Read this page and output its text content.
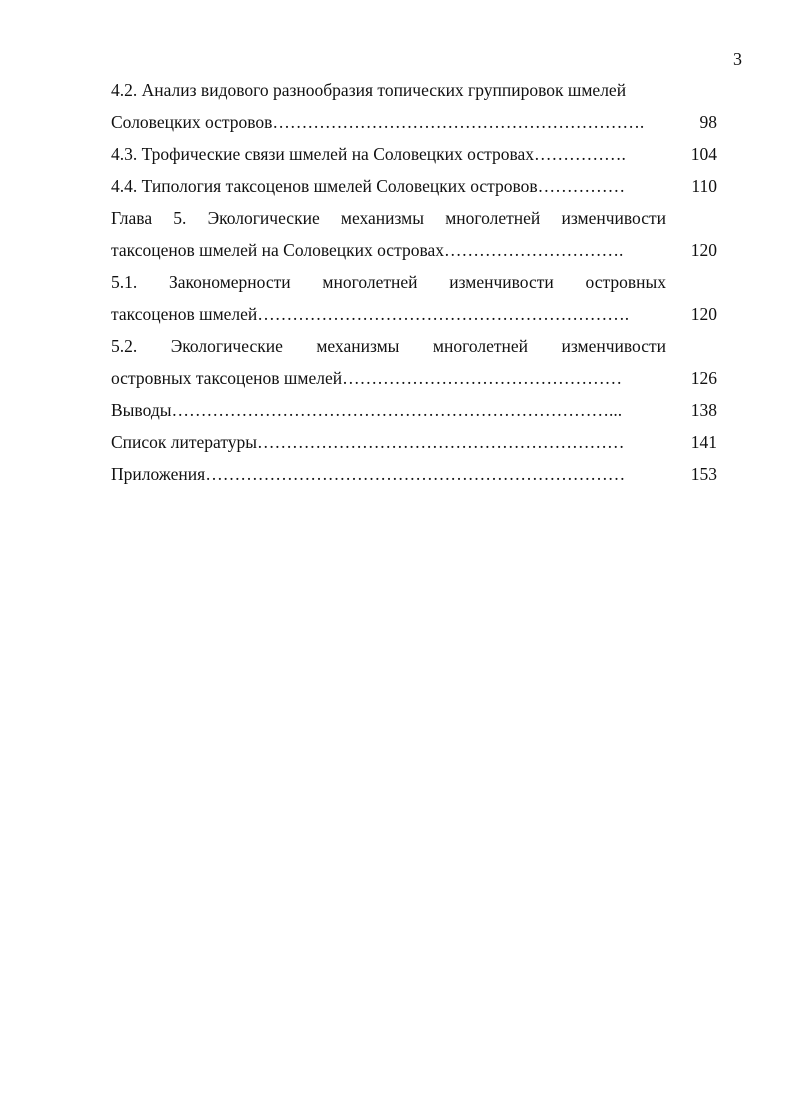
3
4.2. Анализ видового разнообразия топических группировок шмелей
Соловецких островов……………………………………………………….	98
4.3. Трофические связи шмелей на Соловецких островах…………….	104
4.4. Типология таксоценов шмелей Соловецких островов……………	110
Глава 5. Экологические механизмы многолетней изменчивости
таксоценов шмелей на Соловецких островах………………………….	120
5.1. Закономерности многолетней изменчивости островных
таксоценов шмелей……………………………………………………….	120
5.2. Экологические механизмы многолетней изменчивости
островных таксоценов шмелей…………………………………………	126
Выводы…………………………………………………………………...	138
Список литературы………………………………………………………	141
Приложения………………………………………………………………	153
